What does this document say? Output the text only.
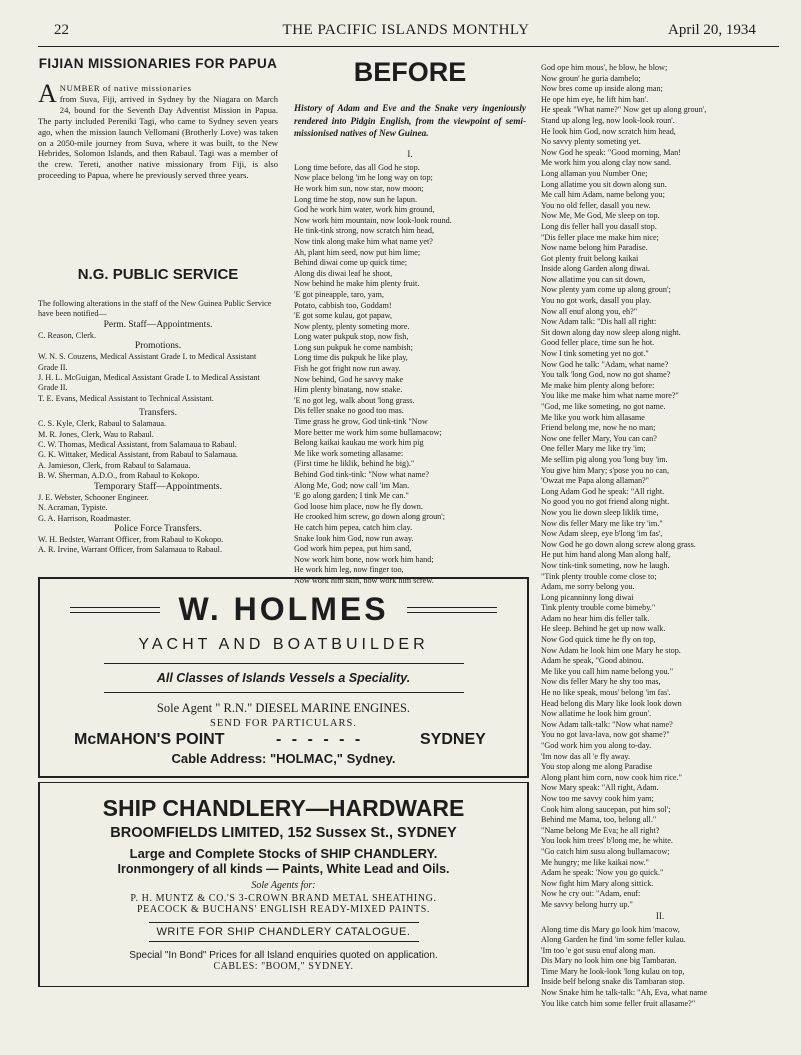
22	THE PACIFIC ISLANDS MONTHLY	April 20, 1934
FIJIAN MISSIONARIES FOR PAPUA
A NUMBER of native missionaries

from Suva, Fiji, arrived in Sydney by the Niagara on March 24, bound for the Seventh Day Adventist Mission in Papua. The party included Pereniki Tagi, who came to Sydney seven years ago, when the mission launch Vellomani (Brotherly Love) was taken on a 2050-mile journey from Suva, where it was built, to the New Hebrides, Solomon Islands, and then Rabaul. Tagi was a member of the crew. Tereti, another native missionary from Fiji, is also proceeding to Papua, where he previously served three years.

N.G. PUBLIC SERVICE
The following alterations in the staff of the New Guinea Public Service have been notified—
Perm. Staff—Appointments.
C. Reason, Clerk.
Promotions.
W. N. S. Couzens, Medical Assistant Grade I. to Medical Assistant Grade II.
J. H. L. McGuigan, Medical Assistant Grade I. to Medical Assistant Grade II.
T. E. Evans, Medical Assistant to Technical Assistant.
Transfers.
C. S. Kyle, Clerk, Rabaul to Salamaua.
M. R. Jones, Clerk, Wau to Rabaul.
C. W. Thomas, Medical Assistant, from Salamaua to Rabaul.
G. K. Wittaker, Medical Assistant, from Rabaul to Salamaua.
A. Jamieson, Clerk, from Rabaul to Salamaua.
B. W. Sherman, A.D.O., from Rabaul to Kokopo.
Temporary Staff—Appointments.
J. E. Webster, Schooner Engineer.
N. Acraman, Typiste.
G. A. Harrison, Roadmaster.
Police Force Transfers.
W. H. Bedster, Warrant Officer, from Rabaul to Kokopo.
A. R. Irvine, Warrant Officer, from Salamaua to Rabaul.
BEFORE
History of Adam and Eve and the Snake very ingeniously rendered into Pidgin English, from the viewpoint of semi-missionised natives of New Guinea.
I.
Long time before, das all God he stop.
Now place belong 'im he long way on top;
He work him sun, now star, now moon;
Long time he stop, now sun he lapun.
God he work him water, work him ground,
Now work him mountain, now look-look round.
He tink-tink strong, now scratch him head,
Now tink along make him what name yet?
Ah, plant him seed, now put him lime;
Behind diwai come up quick time;
Along dis diwai leaf he shoot,
Now behind he make him plenty fruit.
'E got pineapple, taro, yam,
Potato, cabbish too, Goddam!
'E got some kulau, got papaw,
Now plenty, plenty someting more.
Long water pukpuk stop, now fish,
Long sun pukpuk he come nambish;
Long time dis pukpuk he like play,
Fish he got fright now run away.
Now behind, God he savvy make
Him plenty binatang, now snake.
'E no got leg, walk about 'long grass.
Dis feller snake no good too mas.
Time grass he grow, God tink-tink "Now
More better me work him some bullamacow;
Belong kaikai kaukau me work him pig
Me like work someting allasame:
(First time he liklik, behind he big)."
Behind God tink-tink: "Now what name?
Along Me, God; now call 'im Man.
'E go along garden; I tink Me can."
God loose him place, now he fly down.
He crooked him screw, go down along groun';
He catch him pepea, catch him clay.
Snake look him God, now run away.
God work him pepea, put him sand,
Now work him bone, now work him hand;
He work him leg, now finger too,
Now work him skin, now work him screw.
God ope him mous', he blow, he blow;
Now groun' he guria dambelo;
Now bres come up inside along man;
He ope him eye, he lift him han'.
He speak "What name?" Now get up along groun',
Stand up along leg, now look-look roun'.
He look him God, now scratch him head,
No savvy plenty someting yet.
Now God he speak: "Good morning, Man!
Me work him you along clay now sand.
Long allaman you Number One;
Long allatime you sit down along sun.
Me call him Adam, name belong you;
You no old feller, dasall you new.
Now Me, Me God, Me sleep on top.
Long dis feller hall you dasall stop.
"Dis feller place me make him nice;
Now name belong him Paradise.
Got plenty fruit belong kaikai
Inside along Garden along diwai.
Now allatime you can sit down,
Now plenty yam come up along groun';
You no got work, dasall you play.
Now all enuf along you, eh?"
Now Adam talk: "Dis hall all right:
Sit down along day now sleep along night.
Good feller place, time sun he hot.
Now I tink someting yet no got."
Now God he talk: "Adam, what name?
You talk 'long God, now no got shame?
Me make him plenty along before:
You like me make him what name more?"
"God, me like someting, no got name.
Me like you work him allasame
Friend belong me, now he no man;
Now one feller Mary, You can can?
One feller Mary me like try 'im;
Me sellim pig along you 'long buy 'im.
You give him Mary; s'pose you no can,
'Owzat me Papa along allaman?"
Long Adam God he speak: "All right.
No good you no got friend along night.
Now you lie down sleep liklik time,
Now dis feller Mary me like try 'im."
Now Adam sleep, eye b'long 'im fas',
Now God he go down along screw along grass.
He put him hand along Man along half,
Now tink-tink someting, now he laugh.
"Tink plenty trouble come close to;
Adam, me sorry belong you.
Long picanninny long diwai
Tink plenty trouble come bimeby."
Adam no hear him dis feller talk.
He sleep. Behind he get up now walk.
Now God quick time he fly on top,
Now Adam he look him one Mary he stop.
Adam he speak, "Good abinou.
Me like you call him name belong you."
Now dis feller Mary he shy too mas,
He no like speak, mous' belong 'im fas'.
Head belong dis Mary like look look down
Now allatime he look him groun'.
Now Adam talk-talk: "Now what name?
You no got lava-lava, now got shame?"
"God work him you along to-day.
'Im now das all 'e fly away.
You stop along me along Paradise
Along plant him corn, now cook him rice."
Now Mary speak: "All right, Adam.
Now too me savvy cook him yam;
Cook him along saucepan, put him sol';
Behind me Mama, too, belong all."
"Name belong Me Eva; he all right?
You look him trees' b'long me, he white.
"Go catch him susu along bullamacow;
Me hungry; me like kaikai now."
Adam he speak: 'Now you go quick."
Now fight him Mary along sittick.
Now he cry out: "Adam, enuf:
Me savvy belong hurry up."
II.
Along time dis Mary go look him 'macow,
Along Garden he find 'im some feller kulau.
'Im too 'e got susu enuf along man.
Dis Mary no look him one big Tambaran.
Time Mary he look-look 'long kulau on top,
Inside belf belong snake dis Tambaran stop.
Now Snake him he talk-talk: "Ah, Eva, what name
You like catch him some feller fruit allasame?"
W. HOLMES
YACHT AND BOATBUILDER
All Classes of Islands Vessels a Speciality.
Sole Agent " R.N." DIESEL MARINE ENGINES.
SEND FOR PARTICULARS.
McMAHON'S POINT	- - - - - -	SYDNEY
Cable Address: "HOLMAC," Sydney.
SHIP CHANDLERY—HARDWARE
BROOMFIELDS LIMITED, 152 Sussex St., SYDNEY
Large and Complete Stocks of SHIP CHANDLERY.
Ironmongery of all kinds — Paints, White Lead and Oils.
Sole Agents for:
P. H. MUNTZ & CO.'S 3-CROWN BRAND METAL SHEATHING.
PEACOCK & BUCHANS' ENGLISH READY-MIXED PAINTS.
WRITE FOR SHIP CHANDLERY CATALOGUE.
Special "In Bond" Prices for all Island enquiries quoted on application.
CABLES: "BOOM," SYDNEY.
